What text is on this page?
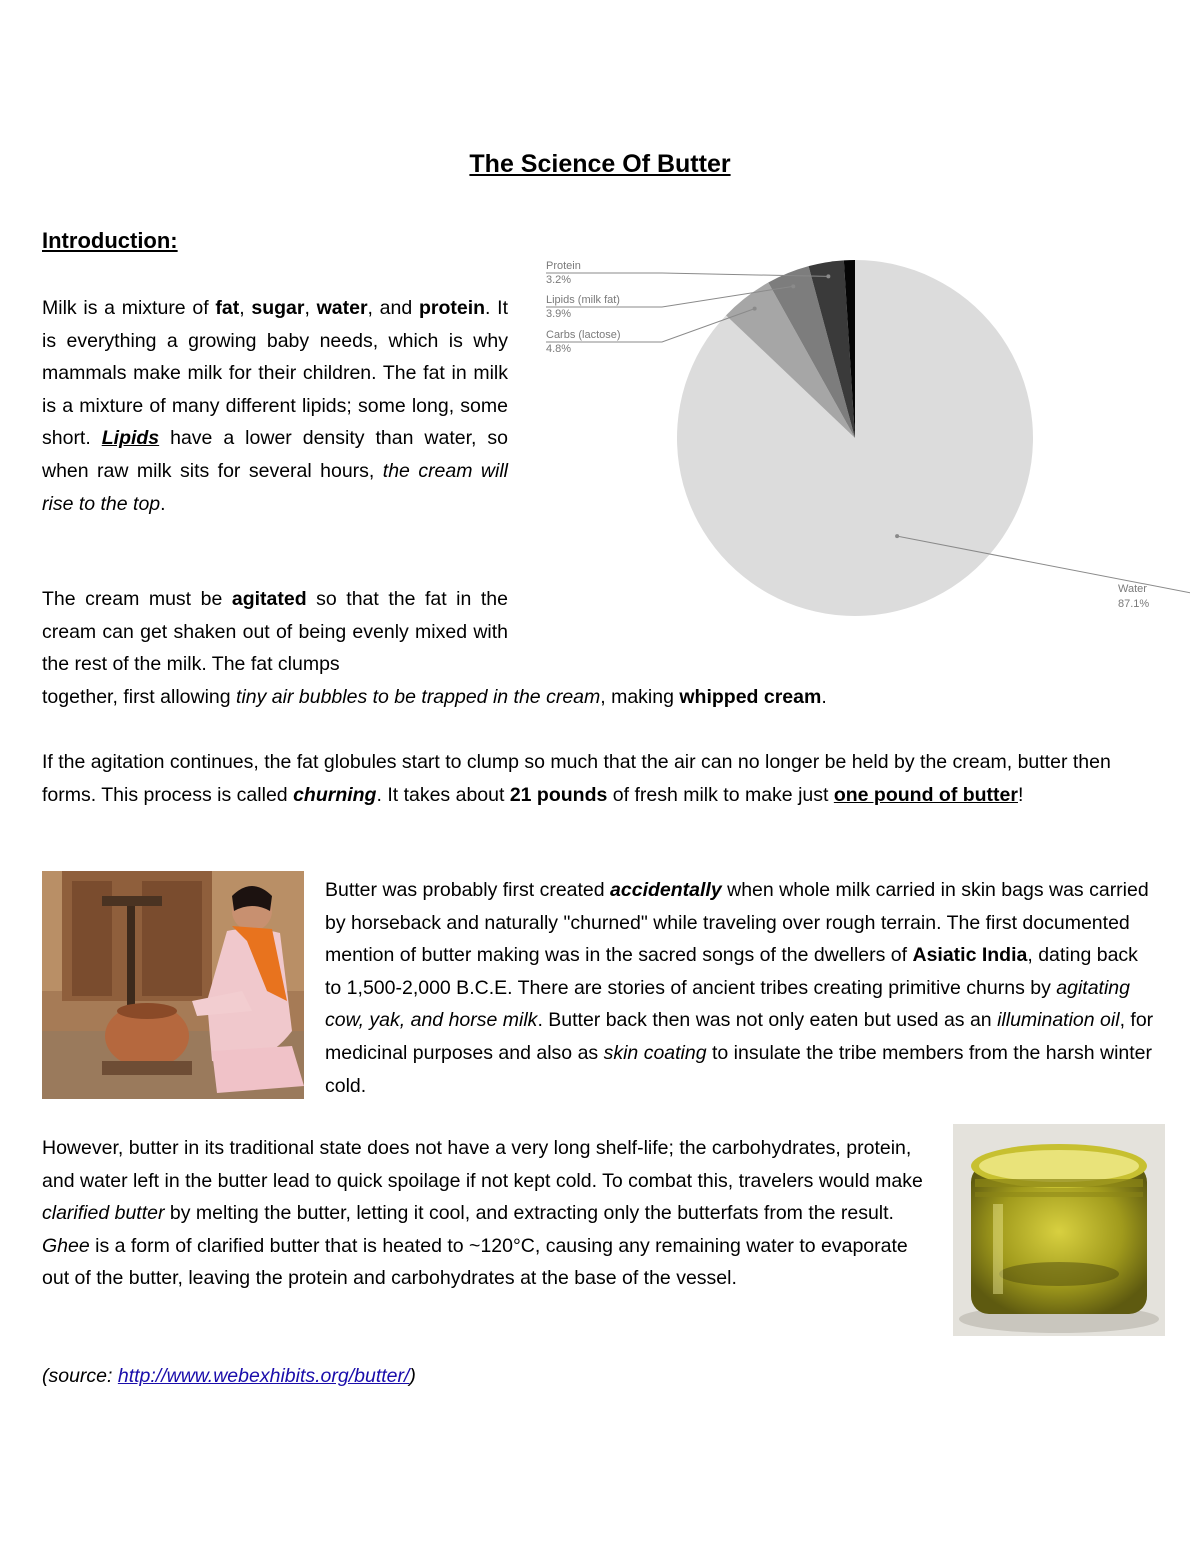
The Science Of Butter
Introduction:
Milk is a mixture of fat, sugar, water, and protein. It is everything a growing baby needs, which is why mammals make milk for their children. The fat in milk is a mixture of many different lipids; some long, some short. Lipids have a lower density than water, so when raw milk sits for several hours, the cream will rise to the top.
Water
87.1%
Carbs (lactose)
4.8%
Lipids (milk fat)
3.9%
Protein
3.2%
The cream must be agitated so that the fat in the cream can get shaken out of being evenly mixed with the rest of the milk. The fat clumps
together, first allowing tiny air bubbles to be trapped in the cream, making whipped cream.
If the agitation continues, the fat globules start to clump so much that the air can no longer be held by the cream, butter then forms. This process is called churning. It takes about 21 pounds of fresh milk to make just one pound of butter!
Butter was probably first created accidentally when whole milk carried in skin bags was carried by horseback and naturally "churned" while traveling over rough terrain. The first documented mention of butter making was in the sacred songs of the dwellers of Asiatic India, dating back to 1,500-2,000 B.C.E. There are stories of ancient tribes creating primitive churns by agitating cow, yak, and horse milk. Butter back then was not only eaten but used as an illumination oil, for medicinal purposes and also as skin coating to insulate the tribe members from the harsh winter cold.
However, butter in its traditional state does not have a very long shelf-life; the carbohydrates, protein, and water left in the butter lead to quick spoilage if not kept cold. To combat this, travelers would make clarified butter by melting the butter, letting it cool, and extracting only the butterfats from the result. Ghee is a form of clarified butter that is heated to ~120°C, causing any remaining water to evaporate out of the butter, leaving the protein and carbohydrates at the base of the vessel.
(source: http://www.webexhibits.org/butter/)
